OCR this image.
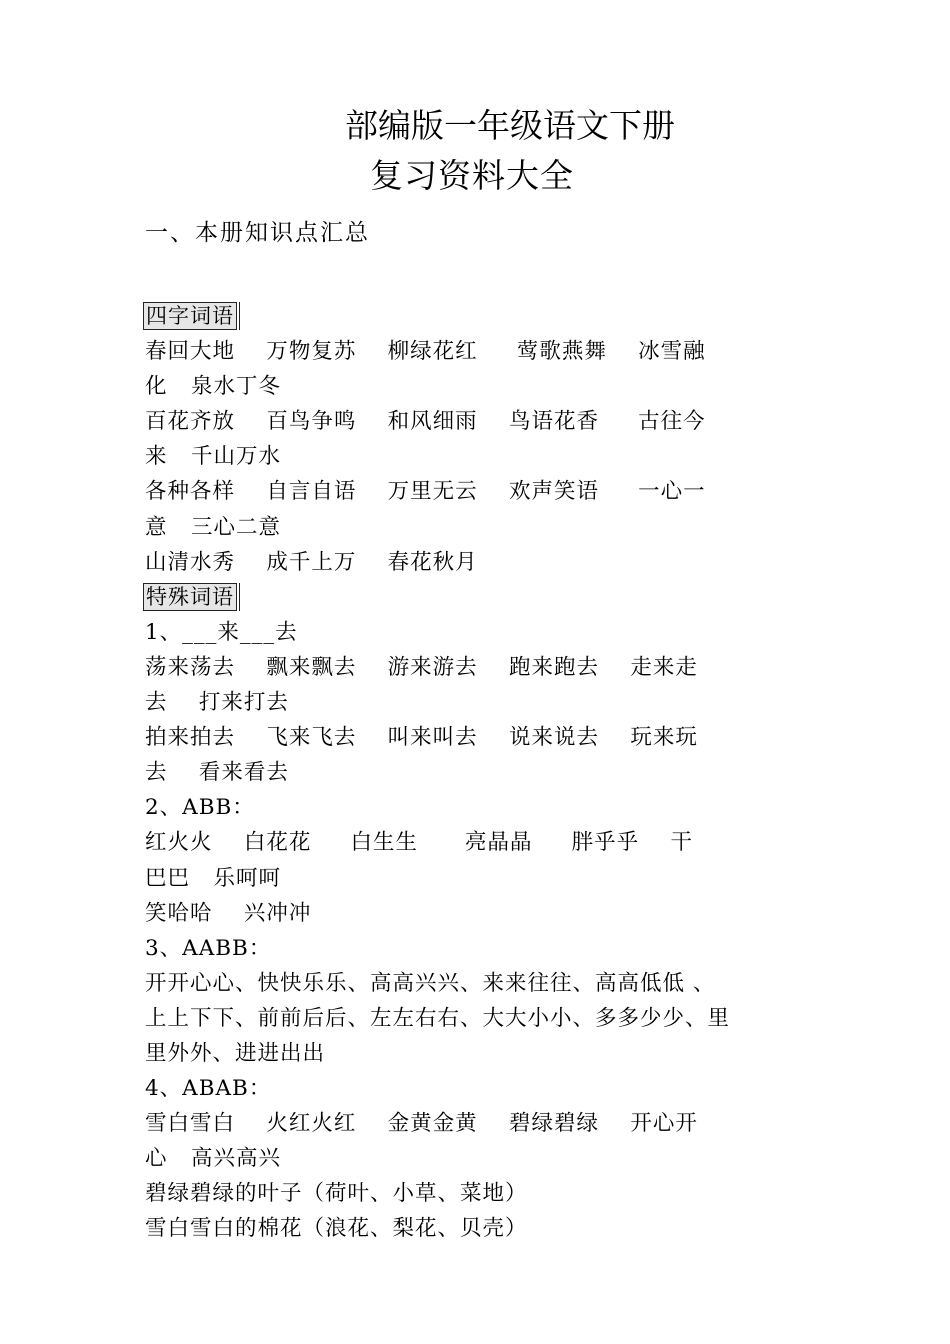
部编版一年级语文下册
复习资料大全
一、本册知识点汇总
四字词语
春回大地    万物复苏    柳绿花红     莺歌燕舞    冰雪融
化   泉水丁冬
百花齐放    百鸟争鸣    和风细雨    鸟语花香     古往今
来   千山万水
各种各样    自言自语    万里无云    欢声笑语     一心一
意   三心二意
山清水秀    成千上万    春花秋月
特殊词语
1、___来___去
荡来荡去    飘来飘去    游来游去    跑来跑去    走来走
去    打来打去
拍来拍去    飞来飞去    叫来叫去    说来说去    玩来玩
去    看来看去
2、ABB：
红火火    白花花     白生生      亮晶晶     胖乎乎    干
巴巴   乐呵呵
笑哈哈    兴冲冲
3、AABB：
开开心心、快快乐乐、高高兴兴、来来往往、高高低低 、
上上下下、前前后后、左左右右、大大小小、多多少少、里
里外外、进进出出
4、ABAB：
雪白雪白    火红火红    金黄金黄    碧绿碧绿    开心开
心   高兴高兴
碧绿碧绿的叶子（荷叶、小草、菜地）
雪白雪白的棉花（浪花、梨花、贝壳）
